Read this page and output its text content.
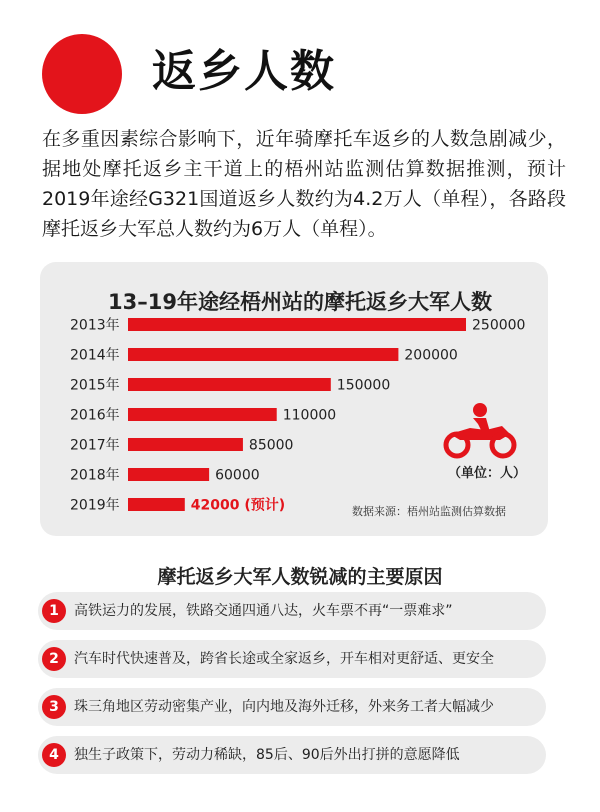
返乡人数
在多重因素综合影响下，近年骑摩托车返乡的人数急剧减少，据地处摩托返乡主干道上的梧州站监测估算数据推测，预计2019年途经G321国道返乡人数约为4.2万人（单程），各路段摩托返乡大军总人数约为6万人（单程）。
13–19年途经梧州站的摩托返乡大军人数
2013年	250000
2014年	200000
2015年	150000
2016年	110000
2017年	85000
2018年	60000
2019年	42000 (预计)
（单位：人）
数据来源：梧州站监测估算数据
摩托返乡大军人数锐减的主要原因
1	高铁运力的发展，铁路交通四通八达，火车票不再“一票难求”
2	汽车时代快速普及，跨省长途或全家返乡，开车相对更舒适、更安全
3	珠三角地区劳动密集产业，向内地及海外迁移，外来务工者大幅减少
4	独生子政策下，劳动力稀缺，85后、90后外出打拼的意愿降低
